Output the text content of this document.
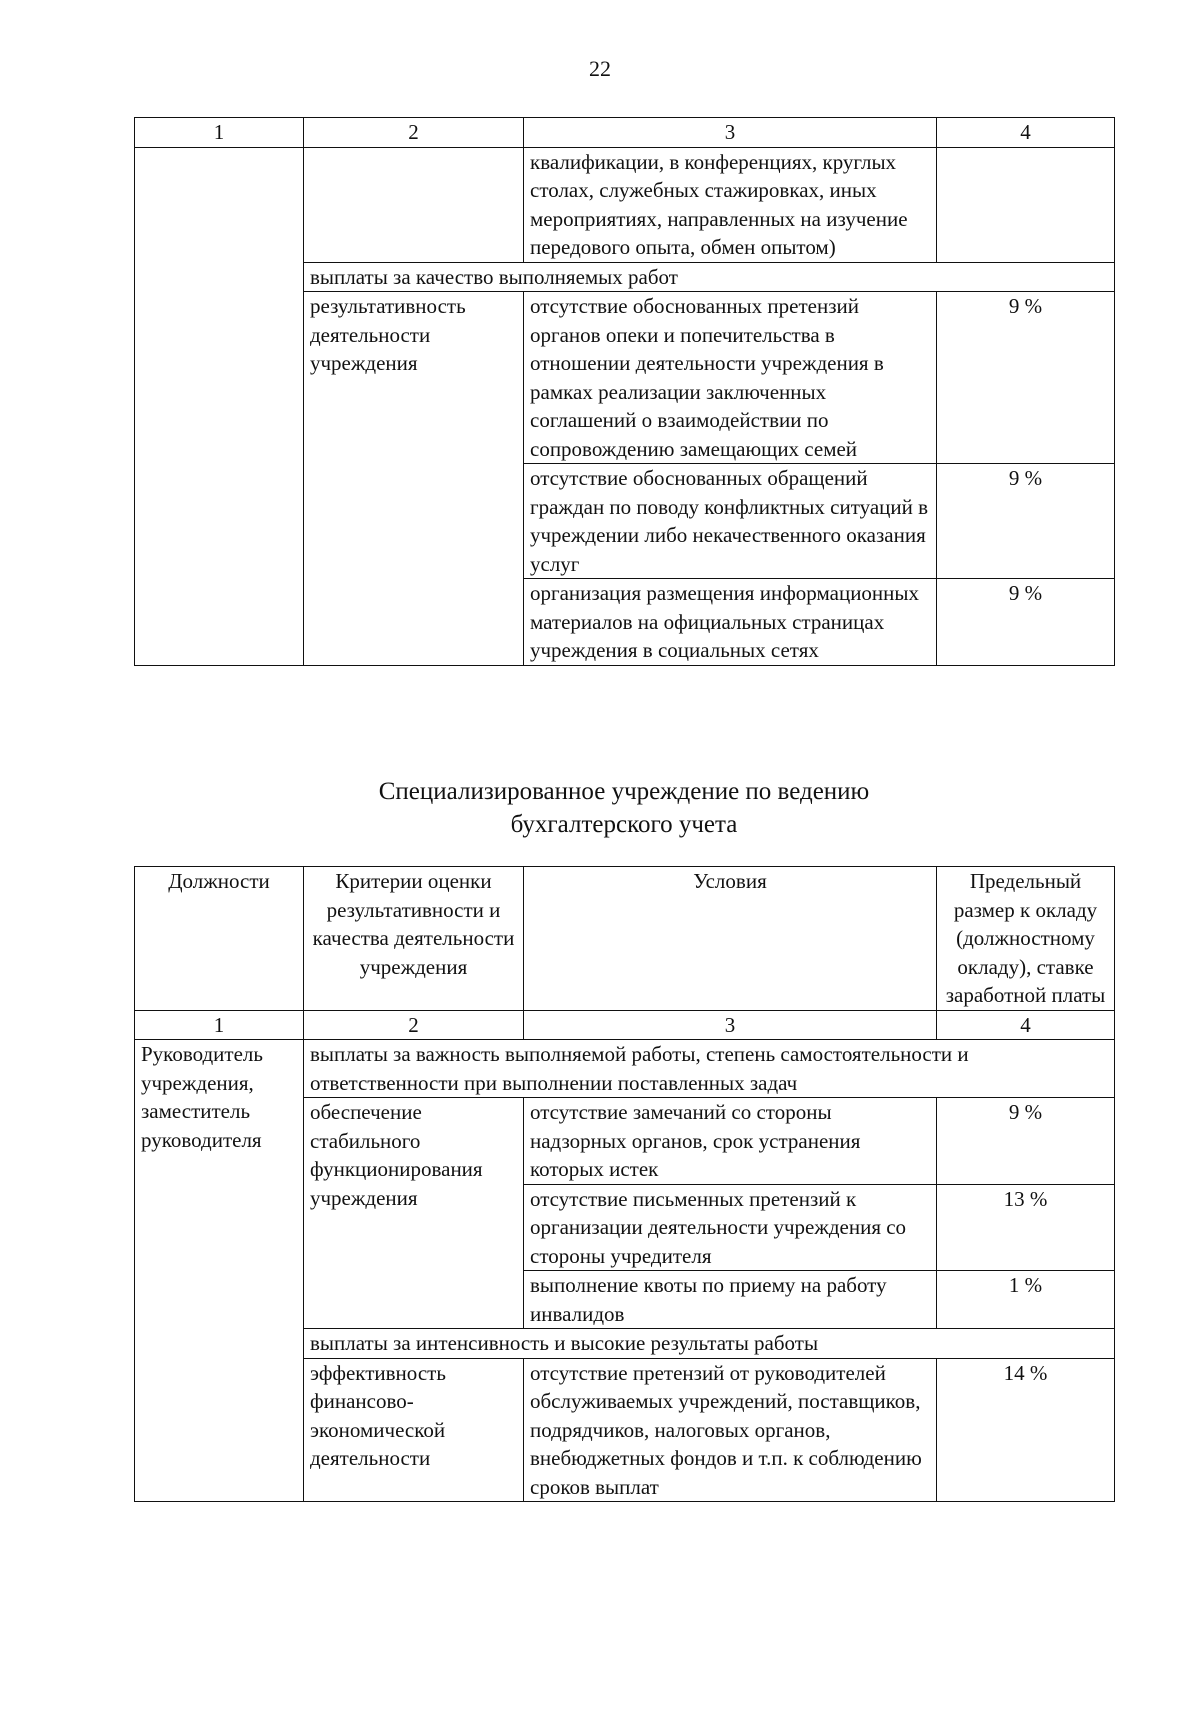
22
1	2	3	4
		квалификации, в конференциях, круглых столах, служебных стажировках, иных мероприятиях, направленных на изучение передового опыта, обмен опытом)	
	выплаты за качество выполняемых работ		
	результативность деятельности учреждения	отсутствие обоснованных претензий органов опеки и попечительства в отношении деятельности учреждения в рамках реализации заключенных соглашений о взаимодействии по сопровождению замещающих семей	9 %
		отсутствие обоснованных обращений граждан по поводу конфликтных ситуаций в учреждении либо некачественного оказания услуг	9 %
		организация размещения информационных материалов на официальных страницах учреждения в социальных сетях	9 %
Специализированное учреждение по ведению
бухгалтерского учета
Должности	Критерии оценки результативности и качества деятельности учреждения	Условия	Предельный размер к окладу (должностному окладу), ставке заработной платы
1	2	3	4
Руководитель учреждения, заместитель руководителя	выплаты за важность выполняемой работы, степень самостоятельности и ответственности при выполнении поставленных задач		
	обеспечение стабильного функционирования учреждения	отсутствие замечаний со стороны надзорных органов, срок устранения которых истек	9 %
		отсутствие письменных претензий к организации деятельности учреждения со стороны учредителя	13 %
		выполнение квоты по приему на работу инвалидов	1 %
	выплаты за интенсивность и высокие результаты работы		
	эффективность финансово-экономической деятельности	отсутствие претензий от руководителей обслуживаемых учреждений, поставщиков, подрядчиков, налоговых органов, внебюджетных фондов и т.п. к соблюдению сроков выплат	14 %
